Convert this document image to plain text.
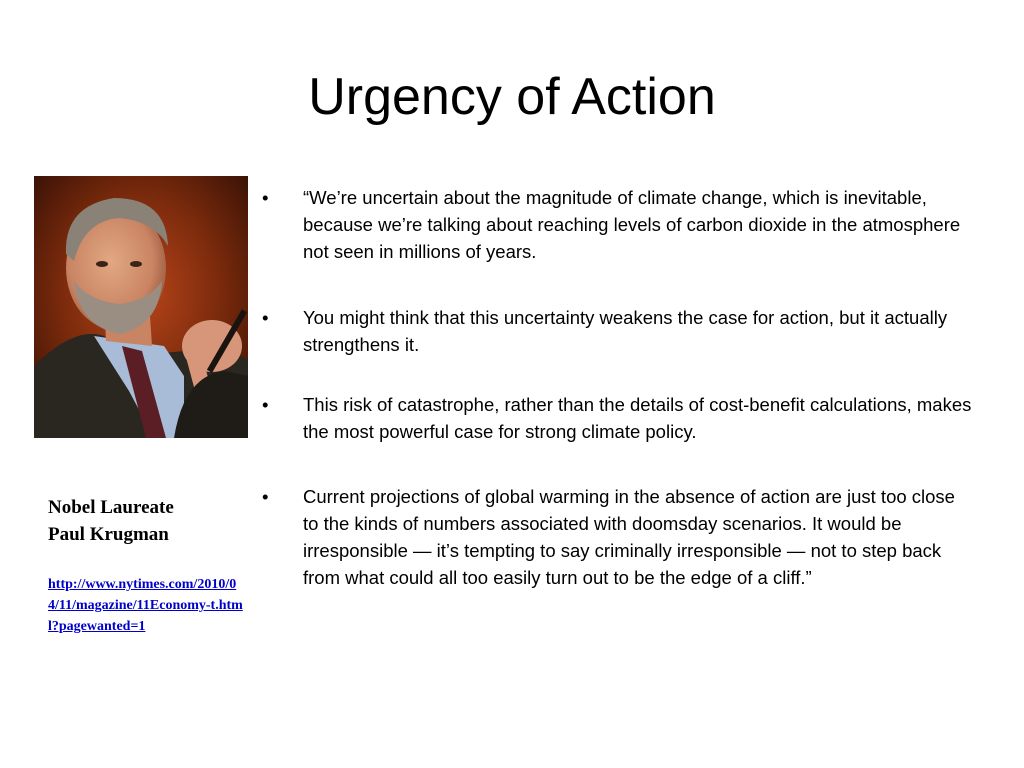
Urgency of Action
Nobel Laureate
Paul Krugman
http://www.nytimes.com/2010/04/11/magazine/11Economy-t.html?pagewanted=1
•	“We’re uncertain about the magnitude of climate change, which is inevitable, because we’re talking about reaching levels of carbon dioxide in the atmosphere not seen in millions of years.
•	You might think that this uncertainty weakens the case for action, but it actually strengthens it.
•	This risk of catastrophe, rather than the details of cost-benefit calculations, makes the most powerful case for strong climate policy.
•	Current projections of global warming in the absence of action are just too close to the kinds of numbers associated with doomsday scenarios. It would be irresponsible — it’s tempting to say criminally irresponsible — not to step back from what could all too easily turn out to be the edge of a cliff.”
